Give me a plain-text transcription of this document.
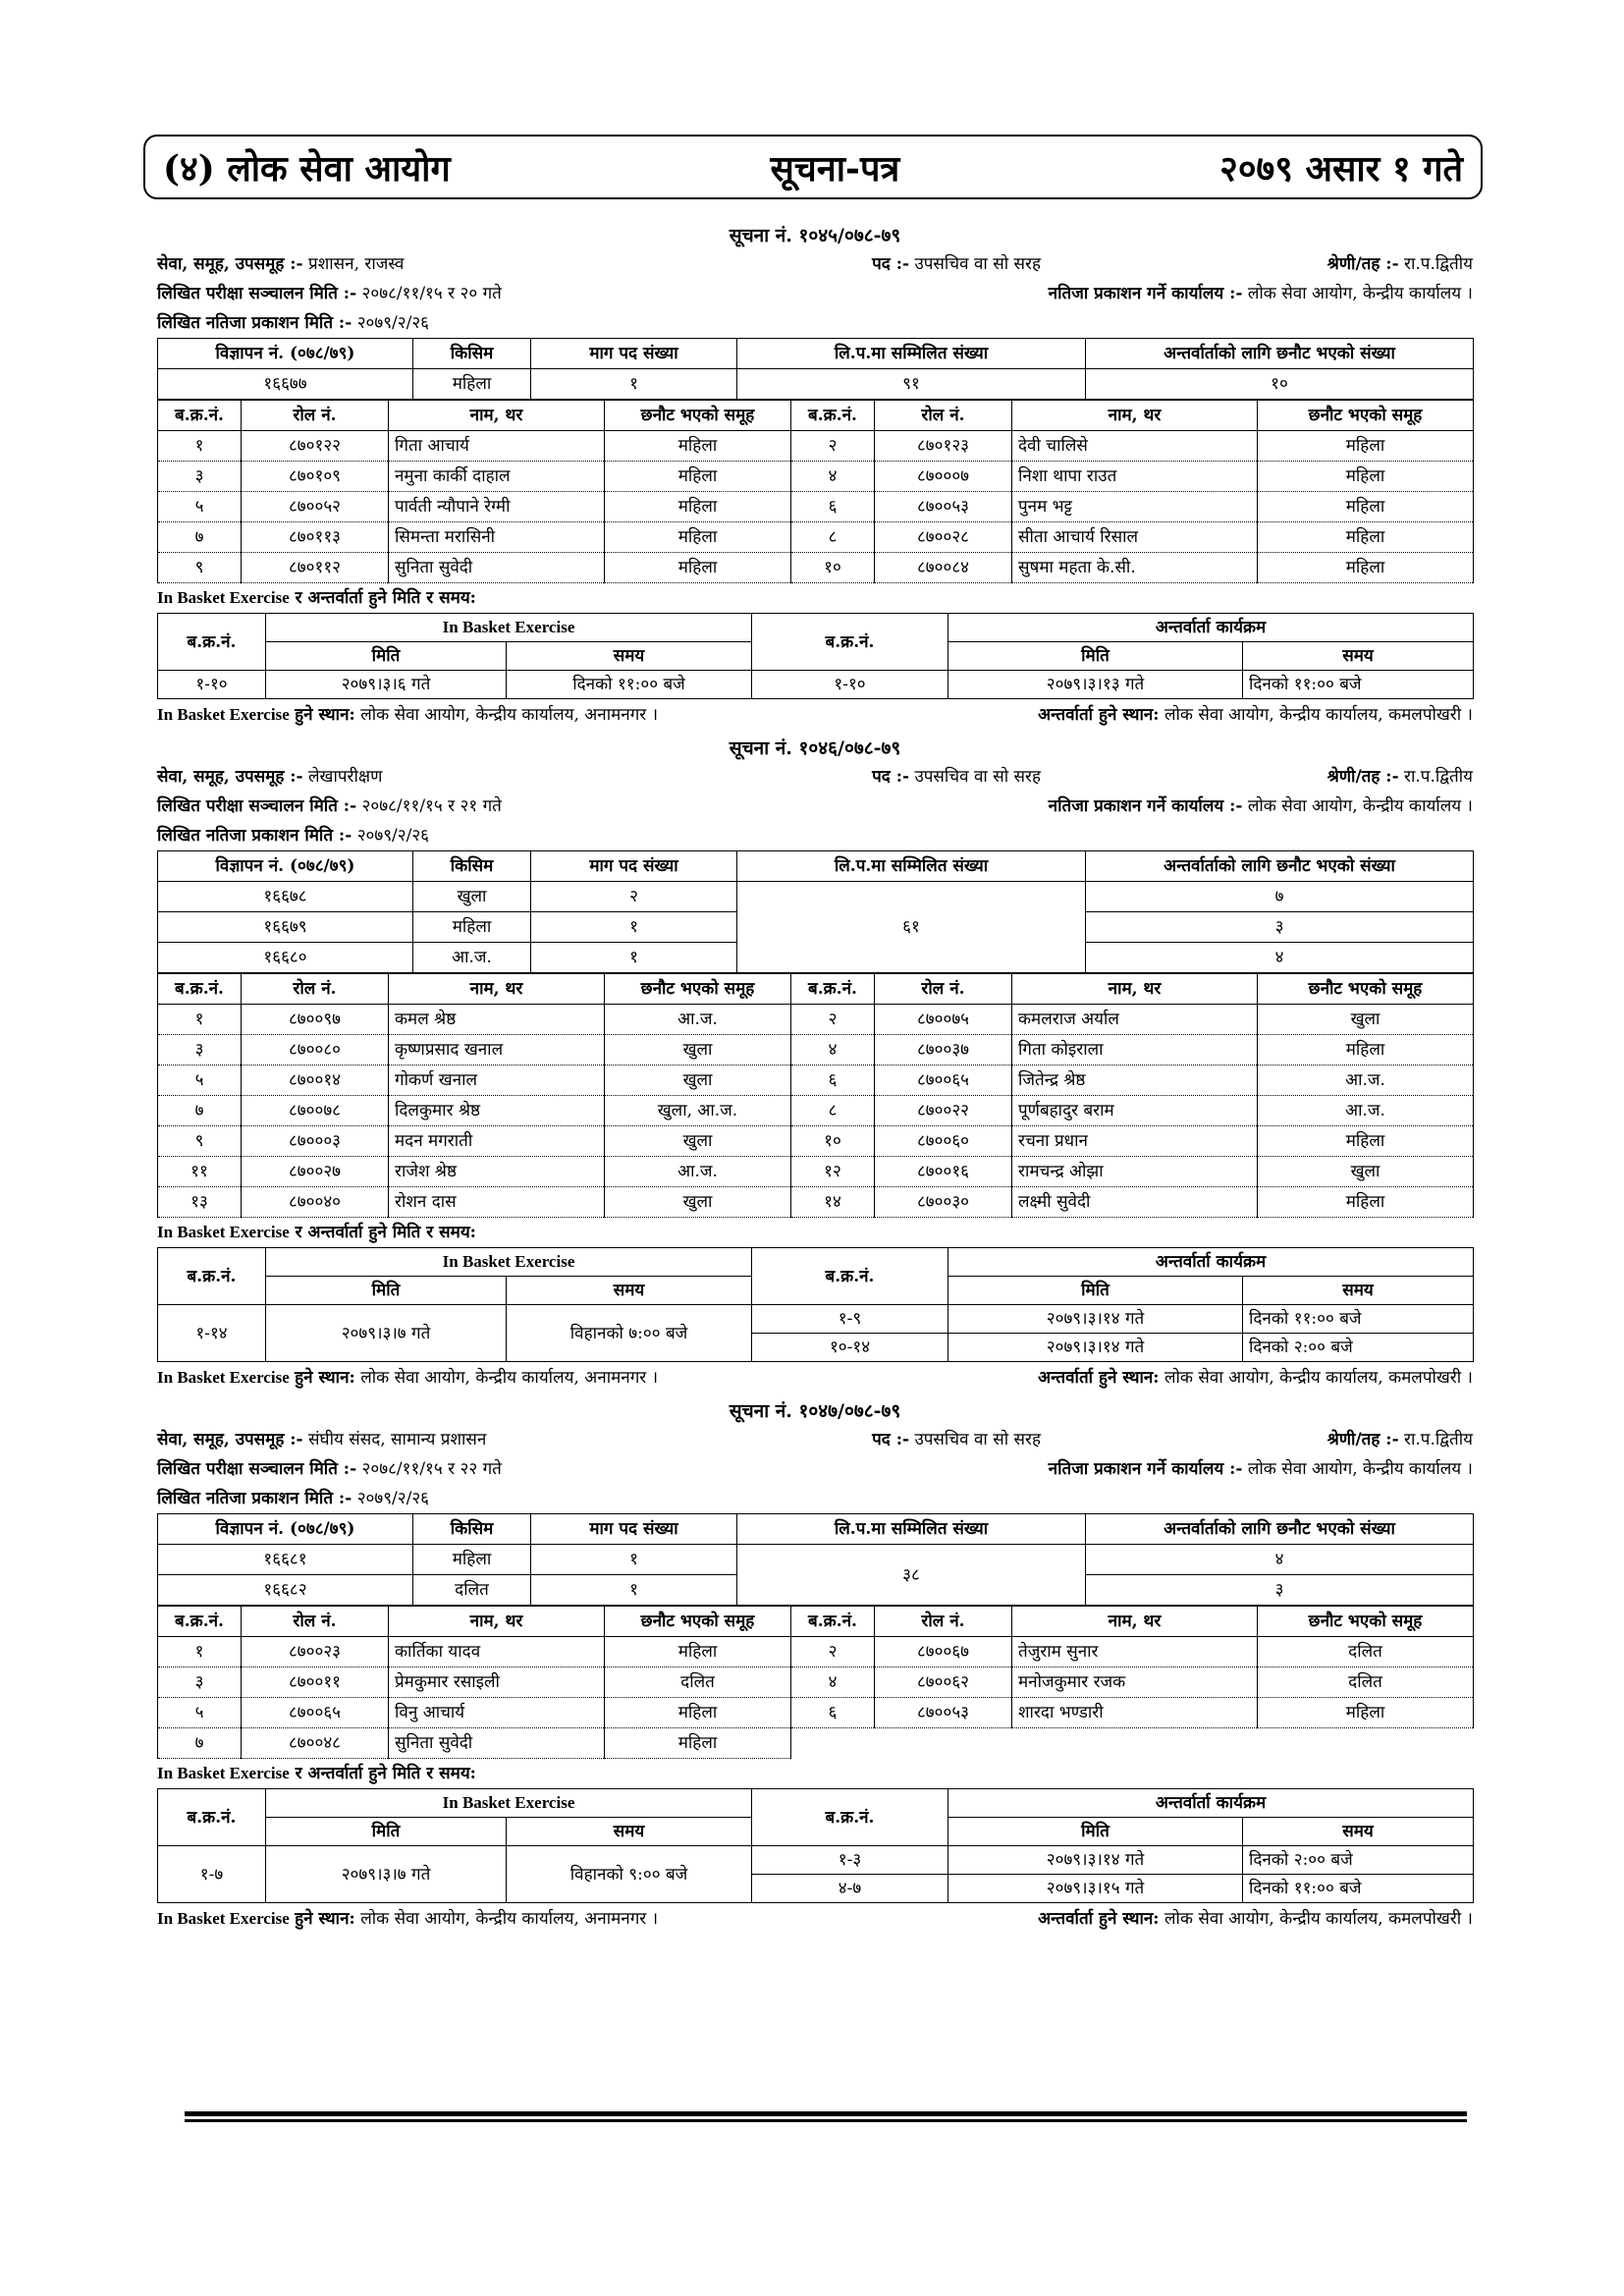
(४) लोक सेवा आयोग	सूचना-पत्र	२०७९ असार १ गते
सूचना नं. १०४५/०७८-७९
सेवा, समूह, उपसमूह :- प्रशासन, राजस्व	पद :- उपसचिव वा सो सरह	श्रेणी/तह :- रा.प.द्वितीय
लिखित परीक्षा सञ्चालन मिति :- २०७८/११/१५ र २० गते	नतिजा प्रकाशन गर्ने कार्यालय :- लोक सेवा आयोग, केन्द्रीय कार्यालय ।
लिखित नतिजा प्रकाशन मिति :- २०७९/२/२६
विज्ञापन नं. (०७८/७९)	किसिम	माग पद संख्या	लि.प.मा सम्मिलित संख्या	अन्तर्वार्ताको लागि छनौट भएको संख्या
१६६७७	महिला	१	९१	१०
ब.क्र.नं.	रोल नं.	नाम, थर	छनौट भएको समूह	ब.क्र.नं.	रोल नं.	नाम, थर	छनौट भएको समूह
१	८७०१२२	गिता आचार्य	महिला	२	८७०१२३	देवी चालिसे	महिला
३	८७०१०९	नमुना कार्की दाहाल	महिला	४	८७०००७	निशा थापा राउत	महिला
५	८७००५२	पार्वती न्यौपाने रेग्मी	महिला	६	८७००५३	पुनम भट्ट	महिला
७	८७०११३	सिमन्ता मरासिनी	महिला	८	८७००२८	सीता आचार्य रिसाल	महिला
९	८७०११२	सुनिता सुवेदी	महिला	१०	८७००८४	सुषमा महता के.सी.	महिला
In Basket Exercise र अन्तर्वार्ता हुने मिति र समय:
ब.क्र.नं.	In Basket Exercise		ब.क्र.नं.	अन्तर्वार्ता कार्यक्रम	
	मिति	समय		मिति	समय
१-१०	२०७९।३।६ गते	दिनको ११:०० बजे	१-१०	२०७९।३।१३ गते	दिनको ११:०० बजे
In Basket Exercise हुने स्थान: लोक सेवा आयोग, केन्द्रीय कार्यालय, अनामनगर ।	अन्तर्वार्ता हुने स्थान: लोक सेवा आयोग, केन्द्रीय कार्यालय, कमलपोखरी ।
सूचना नं. १०४६/०७८-७९
सेवा, समूह, उपसमूह :- लेखापरीक्षण	पद :- उपसचिव वा सो सरह	श्रेणी/तह :- रा.प.द्वितीय
लिखित परीक्षा सञ्चालन मिति :- २०७८/११/१५ र २१ गते	नतिजा प्रकाशन गर्ने कार्यालय :- लोक सेवा आयोग, केन्द्रीय कार्यालय ।
लिखित नतिजा प्रकाशन मिति :- २०७९/२/२६
विज्ञापन नं. (०७८/७९)	किसिम	माग पद संख्या	लि.प.मा सम्मिलित संख्या	अन्तर्वार्ताको लागि छनौट भएको संख्या
१६६७८	खुला	२	६१	७
१६६७९	महिला	१		३
१६६८०	आ.ज.	१		४
ब.क्र.नं.	रोल नं.	नाम, थर	छनौट भएको समूह	ब.क्र.नं.	रोल नं.	नाम, थर	छनौट भएको समूह
१	८७००९७	कमल श्रेष्ठ	आ.ज.	२	८७००७५	कमलराज अर्याल	खुला
३	८७००८०	कृष्णप्रसाद खनाल	खुला	४	८७००३७	गिता कोइराला	महिला
५	८७००१४	गोकर्ण खनाल	खुला	६	८७००६५	जितेन्द्र श्रेष्ठ	आ.ज.
७	८७००७८	दिलकुमार श्रेष्ठ	खुला, आ.ज.	८	८७००२२	पूर्णबहादुर बराम	आ.ज.
९	८७०००३	मदन मगराती	खुला	१०	८७००६०	रचना प्रधान	महिला
११	८७००२७	राजेश श्रेष्ठ	आ.ज.	१२	८७००१६	रामचन्द्र ओझा	खुला
१३	८७००४०	रोशन दास	खुला	१४	८७००३०	लक्ष्मी सुवेदी	महिला
In Basket Exercise र अन्तर्वार्ता हुने मिति र समय:
ब.क्र.नं.	In Basket Exercise		ब.क्र.नं.	अन्तर्वार्ता कार्यक्रम	
	मिति	समय		मिति	समय
१-१४	२०७९।३।७ गते	विहानको ७:०० बजे	१-९	२०७९।३।१४ गते	दिनको ११:०० बजे
			१०-१४	२०७९।३।१४ गते	दिनको २:०० बजे
In Basket Exercise हुने स्थान: लोक सेवा आयोग, केन्द्रीय कार्यालय, अनामनगर ।	अन्तर्वार्ता हुने स्थान: लोक सेवा आयोग, केन्द्रीय कार्यालय, कमलपोखरी ।
सूचना नं. १०४७/०७८-७९
सेवा, समूह, उपसमूह :- संघीय संसद, सामान्य प्रशासन	पद :- उपसचिव वा सो सरह	श्रेणी/तह :- रा.प.द्वितीय
लिखित परीक्षा सञ्चालन मिति :- २०७८/११/१५ र २२ गते	नतिजा प्रकाशन गर्ने कार्यालय :- लोक सेवा आयोग, केन्द्रीय कार्यालय ।
लिखित नतिजा प्रकाशन मिति :- २०७९/२/२६
विज्ञापन नं. (०७८/७९)	किसिम	माग पद संख्या	लि.प.मा सम्मिलित संख्या	अन्तर्वार्ताको लागि छनौट भएको संख्या
१६६८१	महिला	१	३८	४
१६६८२	दलित	१		३
ब.क्र.नं.	रोल नं.	नाम, थर	छनौट भएको समूह	ब.क्र.नं.	रोल नं.	नाम, थर	छनौट भएको समूह
१	८७००२३	कार्तिका यादव	महिला	२	८७००६७	तेजुराम सुनार	दलित
३	८७००११	प्रेमकुमार रसाइली	दलित	४	८७००६२	मनोजकुमार रजक	दलित
५	८७००६५	विनु आचार्य	महिला	६	८७००५३	शारदा भण्डारी	महिला
७	८७००४८	सुनिता सुवेदी	महिला				
In Basket Exercise र अन्तर्वार्ता हुने मिति र समय:
ब.क्र.नं.	In Basket Exercise		ब.क्र.नं.	अन्तर्वार्ता कार्यक्रम	
	मिति	समय		मिति	समय
१-७	२०७९।३।७ गते	विहानको ९:०० बजे	१-३	२०७९।३।१४ गते	दिनको २:०० बजे
			४-७	२०७९।३।१५ गते	दिनको ११:०० बजे
In Basket Exercise हुने स्थान: लोक सेवा आयोग, केन्द्रीय कार्यालय, अनामनगर ।	अन्तर्वार्ता हुने स्थान: लोक सेवा आयोग, केन्द्रीय कार्यालय, कमलपोखरी ।
